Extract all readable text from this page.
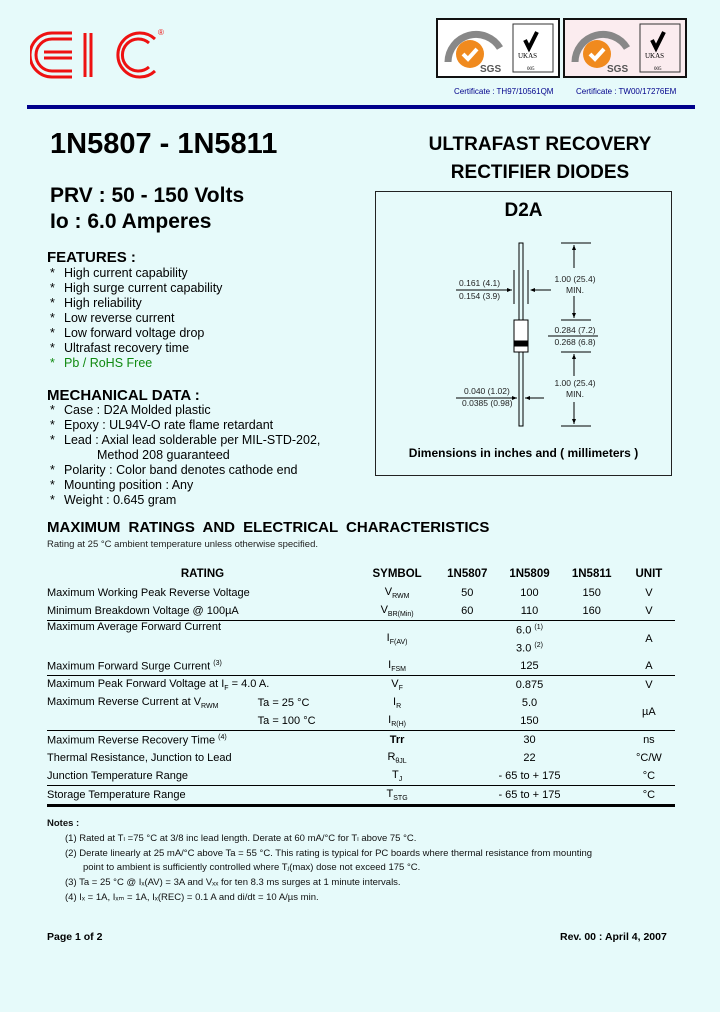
®
SGS
UKAS
005
Certificate : TH97/10561QM
SGS
UKAS
005
Certificate : TW00/17276EM
1N5807 - 1N5811	ULTRAFAST RECOVERY
RECTIFIER DIODES
PRV : 50 - 150 Volts
Io : 6.0 Amperes
FEATURES :
* High current capability
* High surge current capability
* High reliability
* Low reverse current
* Low forward voltage drop
* Ultrafast recovery time
* Pb / RoHS Free
MECHANICAL DATA :
* Case : D2A Molded plastic
* Epoxy : UL94V-O rate flame retardant
* Lead : Axial lead solderable per MIL-STD-202,
Method 208 guaranteed
* Polarity : Color band denotes cathode end
* Mounting position : Any
* Weight : 0.645 gram
D2A
0.161 (4.1)
0.154 (3.9)
1.00 (25.4)
MIN.
0.284 (7.2)
0.268 (6.8)
1.00 (25.4)
MIN.
0.040 (1.02)
0.0385 (0.98)
Dimensions in inches and ( millimeters )
MAXIMUM RATINGS AND ELECTRICAL CHARACTERISTICS
Rating at 25 °C ambient temperature unless otherwise specified.
RATING		SYMBOL	1N5807	1N5809	1N5811	UNIT
Maximum Working Peak Reverse Voltage		$V_{RWM}$	50	100	150	V
Minimum Breakdown Voltage @ 100µA		$V_{BR(Min)}$	60	110	160	V
Maximum Average Forward Current		$I_{F(AV)}$	6.0 $^{(1)}$			A
			3.0 $^{(2)}$
Maximum Forward Surge Current $^{(3)}$		$I_{FSM}$	125			A
Maximum Peak Forward Voltage at $I_F = 4.0$ A.		$V_F$	0.875			V
Maximum Reverse Current at $V_{RWM}$	Ta = 25 °C	$I_R$	5.0			µA
	Ta = 100 °C	$I_{R(H)}$	150			
Maximum Reverse Recovery Time $^{(4)}$		Trr	30			ns
Thermal Resistance, Junction to Lead		$R_{\theta JL}$	22			°C/W
Junction Temperature Range		$T_J$	- 65 to + 175			°C
Storage Temperature Range		$T_{STG}$	- 65 to + 175			°C
Notes :
(1) Rated at Tₗ =75 °C at 3/8 inc lead length. Derate at 60 mA/°C for Tₗ above 75 °C.
(2) Derate linearly at 25 mA/°C above Ta = 55 °C. This rating is typical for PC boards where thermal resistance from mounting
point to ambient is sufficiently controlled where Tⱼ(max) dose not exceed 175 °C.
(3) Ta = 25 °C @ Iₓ(AV) = 3A and Vₓₓ for ten 8.3 ms surges at 1 minute intervals.
(4) Iₓ = 1A, Iₓₘ = 1A, Iₓ(REC) = 0.1 A and di/dt = 10 A/µs min.
Page 1 of 2	Rev. 00 : April 4, 2007
